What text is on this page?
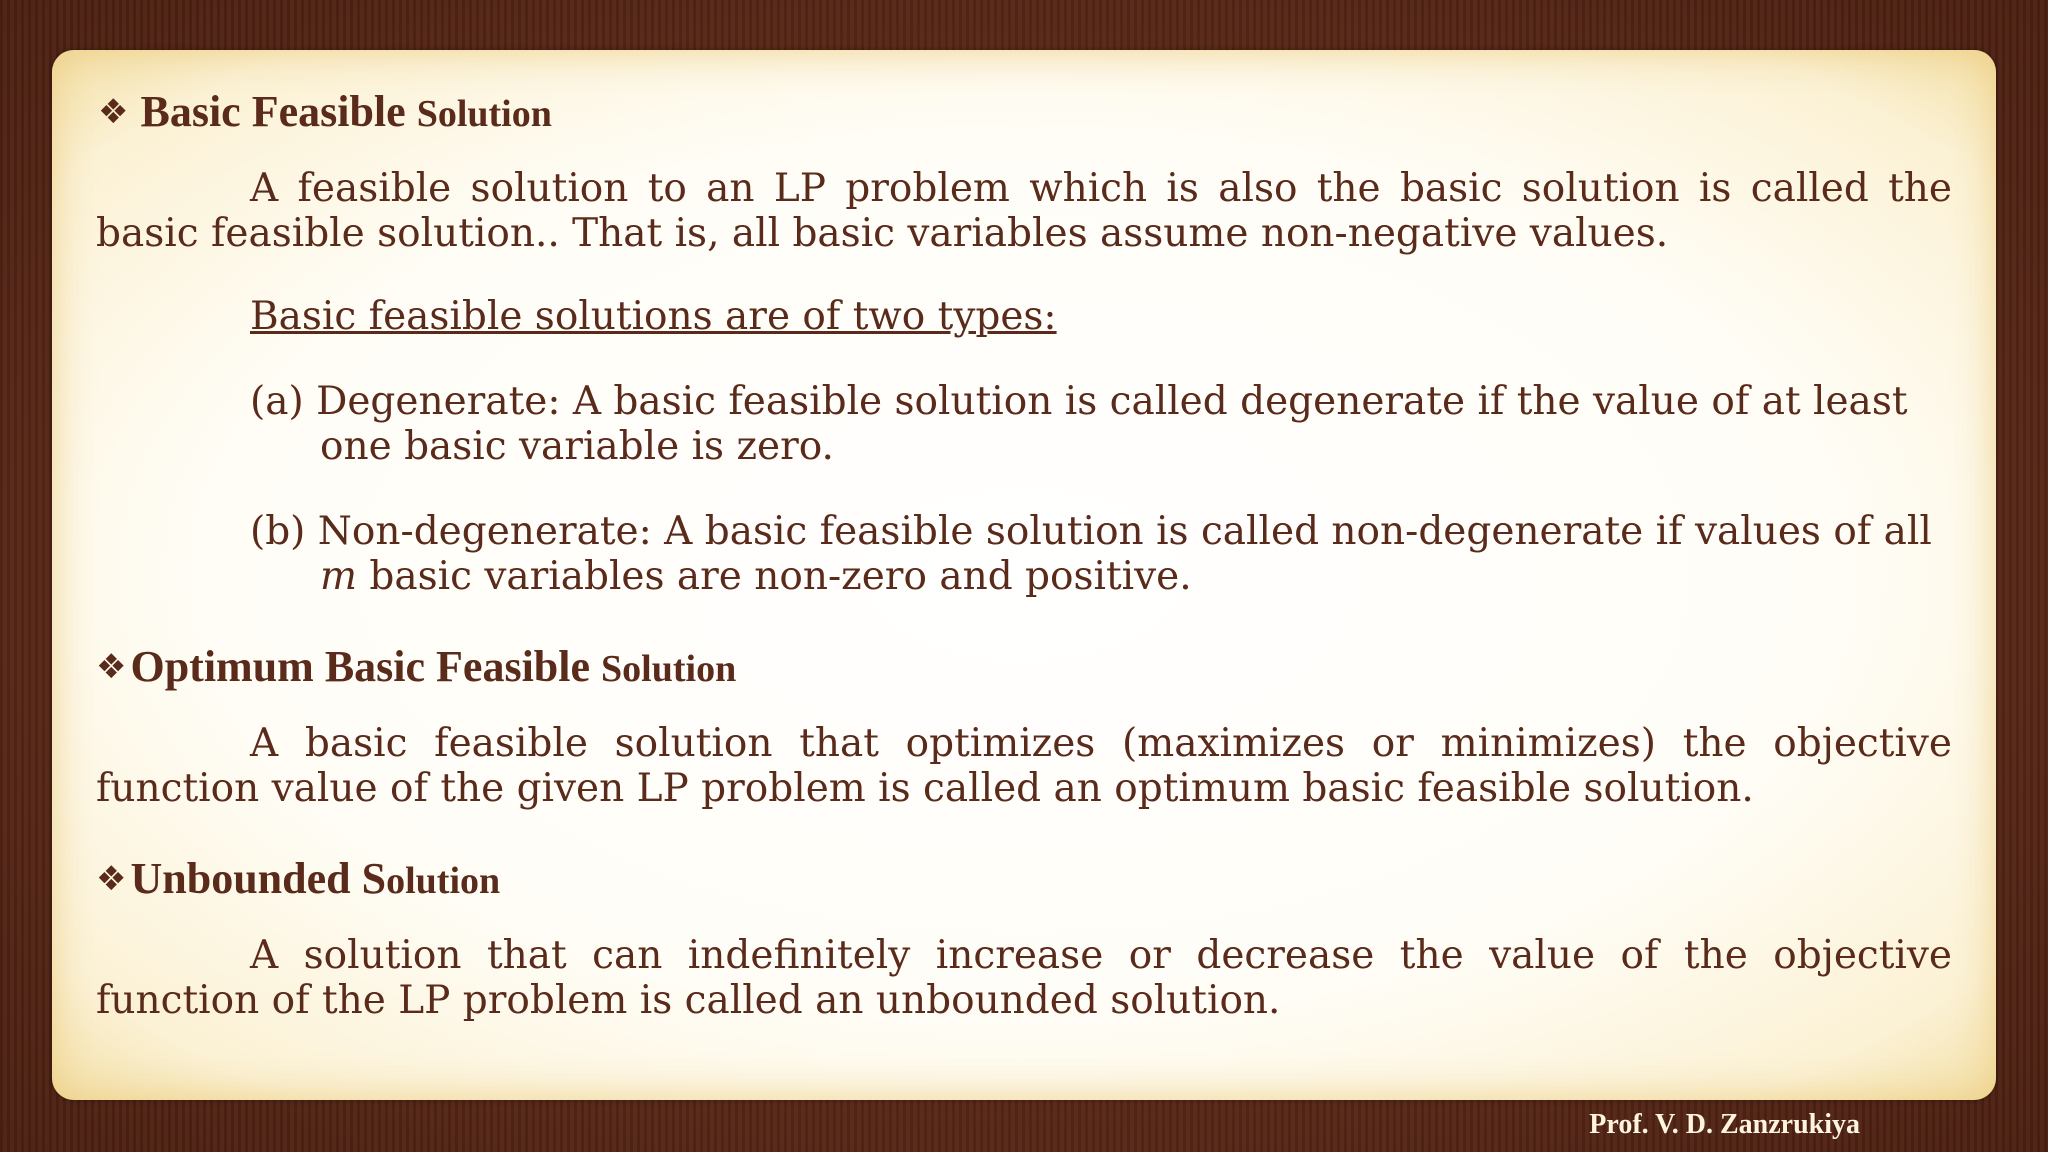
❖ Basic Feasible Solution

A feasible solution to an LP problem which is also the basic solution is called the basic feasible solution.. That is, all basic variables assume non-negative values.

Basic feasible solutions are of two types:

(a) Degenerate: A basic feasible solution is called degenerate if the value of at least one basic variable is zero.

(b) Non-degenerate: A basic feasible solution is called non-degenerate if values of all m basic variables are non-zero and positive.

❖Optimum Basic Feasible Solution

A basic feasible solution that optimizes (maximizes or minimizes) the objective function value of the given LP problem is called an optimum basic feasible solution.

❖Unbounded Solution

A solution that can indefinitely increase or decrease the value of the objective function of the LP problem is called an unbounded solution.

Prof. V. D. Zanzrukiya
